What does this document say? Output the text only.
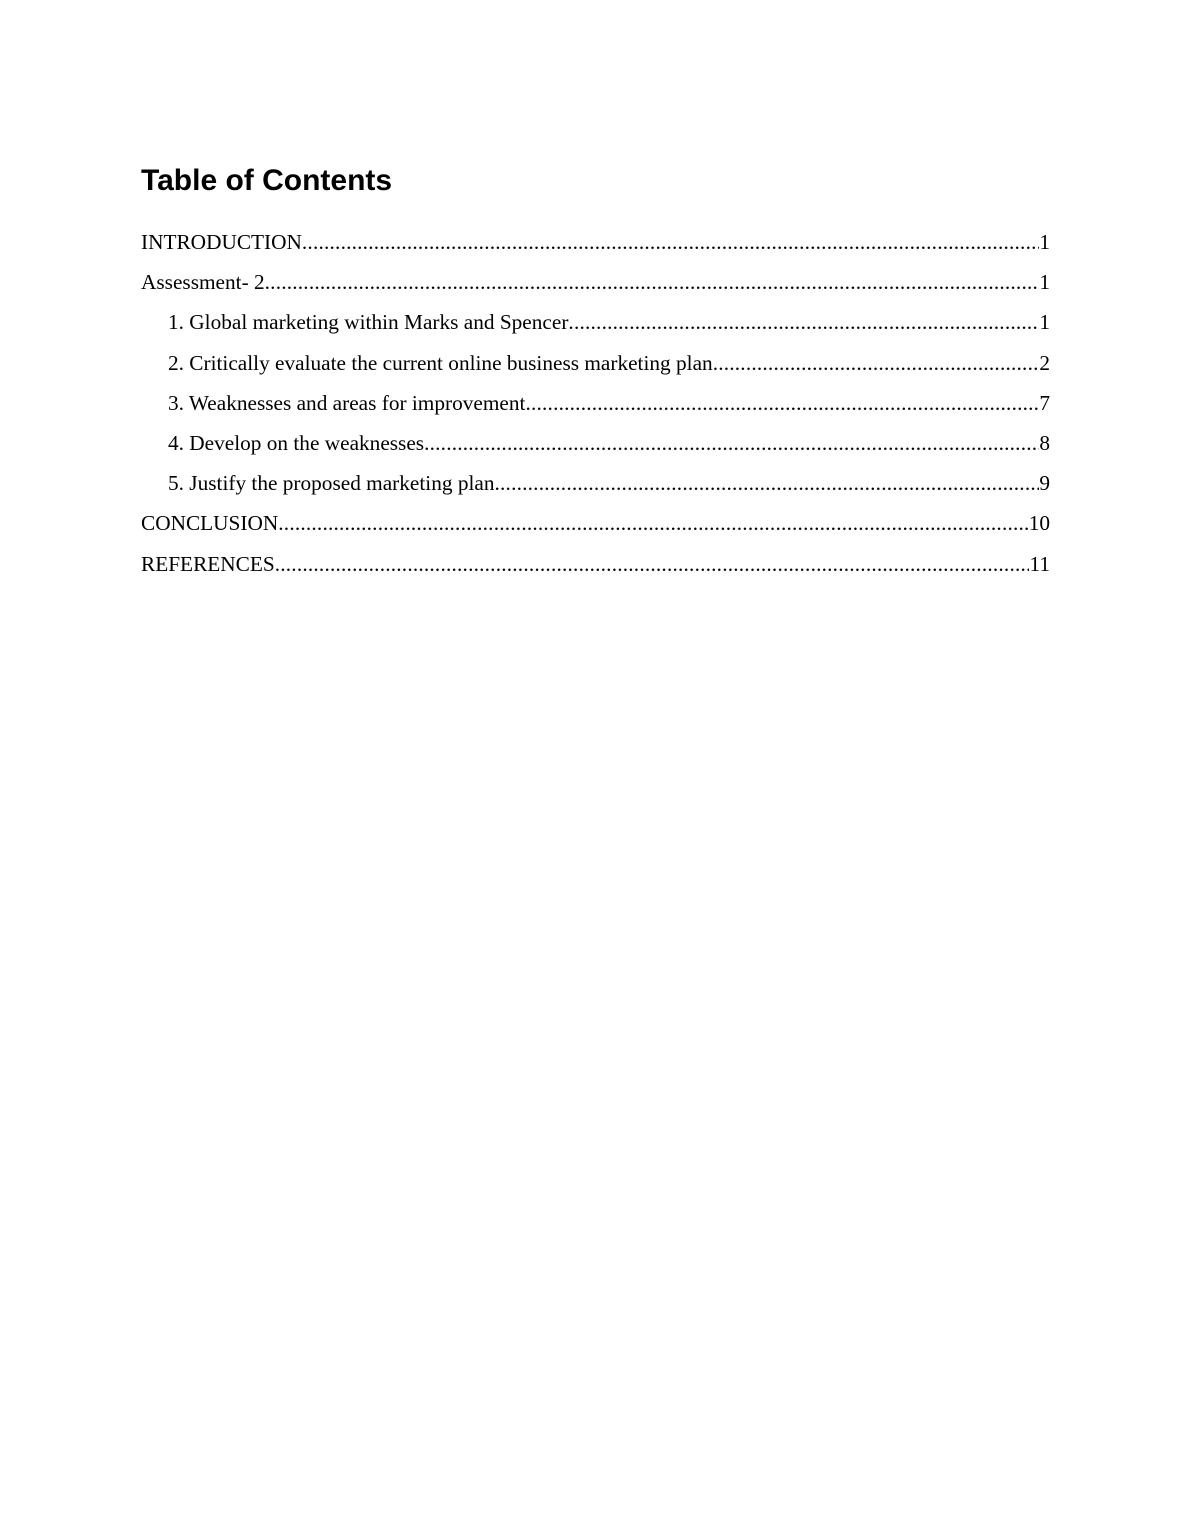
Table of Contents
INTRODUCTION .....	1
Assessment- 2 .....	1
1. Global marketing within Marks and Spencer .....	1
2. Critically evaluate the current online business marketing plan .....	2
3. Weaknesses and areas for improvement .....	7
4. Develop on the weaknesses .....	8
5. Justify the proposed marketing plan .....	9
CONCLUSION .....	10
REFERENCES .....	11
